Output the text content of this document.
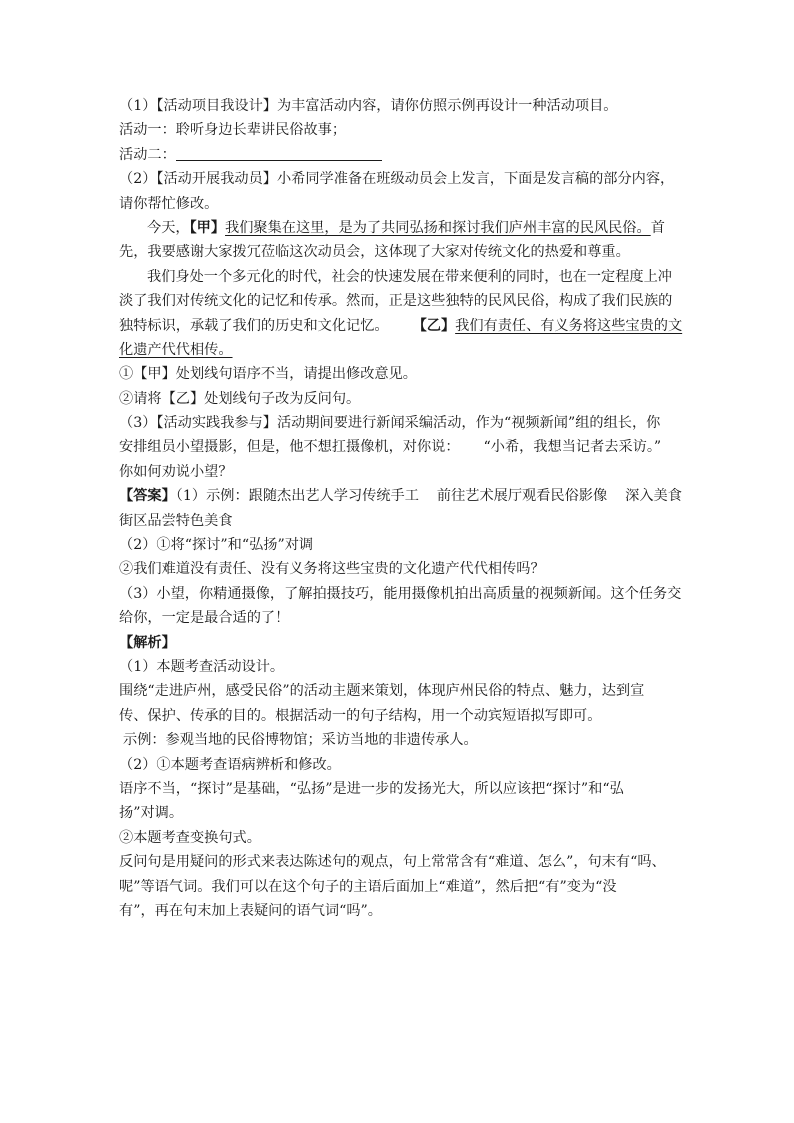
（1）【活动项目我设计】为丰富活动内容，请你仿照示例再设计一种活动项目。
活动一：聆听身边长辈讲民俗故事；
活动二：
（2）【活动开展我动员】小希同学准备在班级动员会上发言，下面是发言稿的部分内容，
请你帮忙修改。
今天，【甲】我们聚集在这里，是为了共同弘扬和探讨我们庐州丰富的民风民俗。首
先，我要感谢大家拨冗莅临这次动员会，这体现了大家对传统文化的热爱和尊重。
我们身处一个多元化的时代，社会的快速发展在带来便利的同时，也在一定程度上冲
淡了我们对传统文化的记忆和传承。然而，正是这些独特的民风民俗，构成了我们民族的
独特标识，承载了我们的历史和文化记忆。 【乙】我们有责任、有义务将这些宝贵的文
化遗产代代相传。
①【甲】处划线句语序不当，请提出修改意见。
②请将【乙】处划线句子改为反问句。
（3）【活动实践我参与】活动期间要进行新闻采编活动，作为“视频新闻”组的组长，你
安排组员小望摄影，但是，他不想扛摄像机，对你说： “小希，我想当记者去采访。”
你如何劝说小望？
【答案】（1）示例：跟随杰出艺人学习传统手工 前往艺术展厅观看民俗影像 深入美食
街区品尝特色美食
（2）①将“探讨”和“弘扬”对调
②我们难道没有责任、没有义务将这些宝贵的文化遗产代代相传吗？
（3）小望，你精通摄像，了解拍摄技巧，能用摄像机拍出高质量的视频新闻。这个任务交
给你，一定是最合适的了！
【解析】
（1）本题考查活动设计。
围绕“走进庐州，感受民俗”的活动主题来策划，体现庐州民俗的特点、魅力，达到宣
传、保护、传承的目的。根据活动一的句子结构，用一个动宾短语拟写即可。
示例：参观当地的民俗博物馆；采访当地的非遗传承人。
（2）①本题考查语病辨析和修改。
语序不当，“探讨”是基础，“弘扬”是进一步的发扬光大，所以应该把“探讨”和“弘
扬”对调。
②本题考查变换句式。
反问句是用疑问的形式来表达陈述句的观点，句上常常含有“难道、怎么”，句末有“吗、
呢”等语气词。我们可以在这个句子的主语后面加上“难道”，然后把“有”变为“没
有”，再在句末加上表疑问的语气词“吗”。
